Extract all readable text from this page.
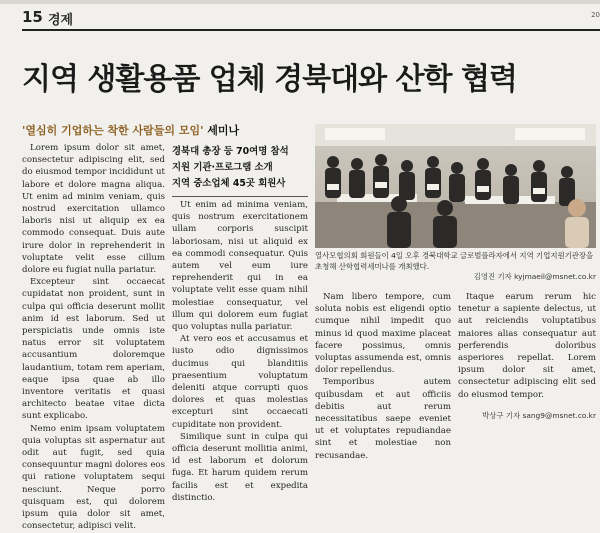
15 경제	20
지역 생활용품 업체 경북대와 산학 협력
'열심히 기업하는 착한 사람들의 모임' 세미나

Lorem ipsum dolor sit amet, consectetur adipiscing elit, sed do eiusmod tempor incididunt ut labore et dolore magna aliqua. Ut enim ad minim veniam, quis nostrud exercitation ullamco laboris nisi ut aliquip ex ea commodo consequat. Duis aute irure dolor in reprehenderit in voluptate velit esse cillum dolore eu fugiat nulla pariatur.

Excepteur sint occaecat cupidatat non proident, sunt in culpa qui officia deserunt mollit anim id est laborum. Sed ut perspiciatis unde omnis iste natus error sit voluptatem accusantium doloremque laudantium, totam rem aperiam, eaque ipsa quae ab illo inventore veritatis et quasi architecto beatae vitae dicta sunt explicabo.

Nemo enim ipsam voluptatem quia voluptas sit aspernatur aut odit aut fugit, sed quia consequuntur magni dolores eos qui ratione voluptatem sequi nesciunt. Neque porro quisquam est, qui dolorem ipsum quia dolor sit amet, consectetur, adipisci velit.

경북대 총장 등 70여명 참석
지원 기관·프로그램 소개
지역 중소업체 45곳 회원사

Ut enim ad minima veniam, quis nostrum exercitationem ullam corporis suscipit laboriosam, nisi ut aliquid ex ea commodi consequatur. Quis autem vel eum iure reprehenderit qui in ea voluptate velit esse quam nihil molestiae consequatur, vel illum qui dolorem eum fugiat quo voluptas nulla pariatur.

At vero eos et accusamus et iusto odio dignissimos ducimus qui blanditiis praesentium voluptatum deleniti atque corrupti quos dolores et quas molestias excepturi sint occaecati cupiditate non provident.

Similique sunt in culpa qui officia deserunt mollitia animi, id est laborum et dolorum fuga. Et harum quidem rerum facilis est et expedita distinctio.

열사모협의회 회원들이 4일 오후 경북대학교 글로벌플라자에서 지역 기업지원기관장을 초청해 산학협력세미나를 개최했다.
김영진 기자 kyjmaeil@msnet.co.kr

Nam libero tempore, cum soluta nobis est eligendi optio cumque nihil impedit quo minus id quod maxime placeat facere possimus, omnis voluptas assumenda est, omnis dolor repellendus.

Temporibus autem quibusdam et aut officiis debitis aut rerum necessitatibus saepe eveniet ut et voluptates repudiandae sint et molestiae non recusandae.

Itaque earum rerum hic tenetur a sapiente delectus, ut aut reiciendis voluptatibus maiores alias consequatur aut perferendis doloribus asperiores repellat. Lorem ipsum dolor sit amet, consectetur adipiscing elit sed do eiusmod tempor.

박상구 기자 sang9@msnet.co.kr
